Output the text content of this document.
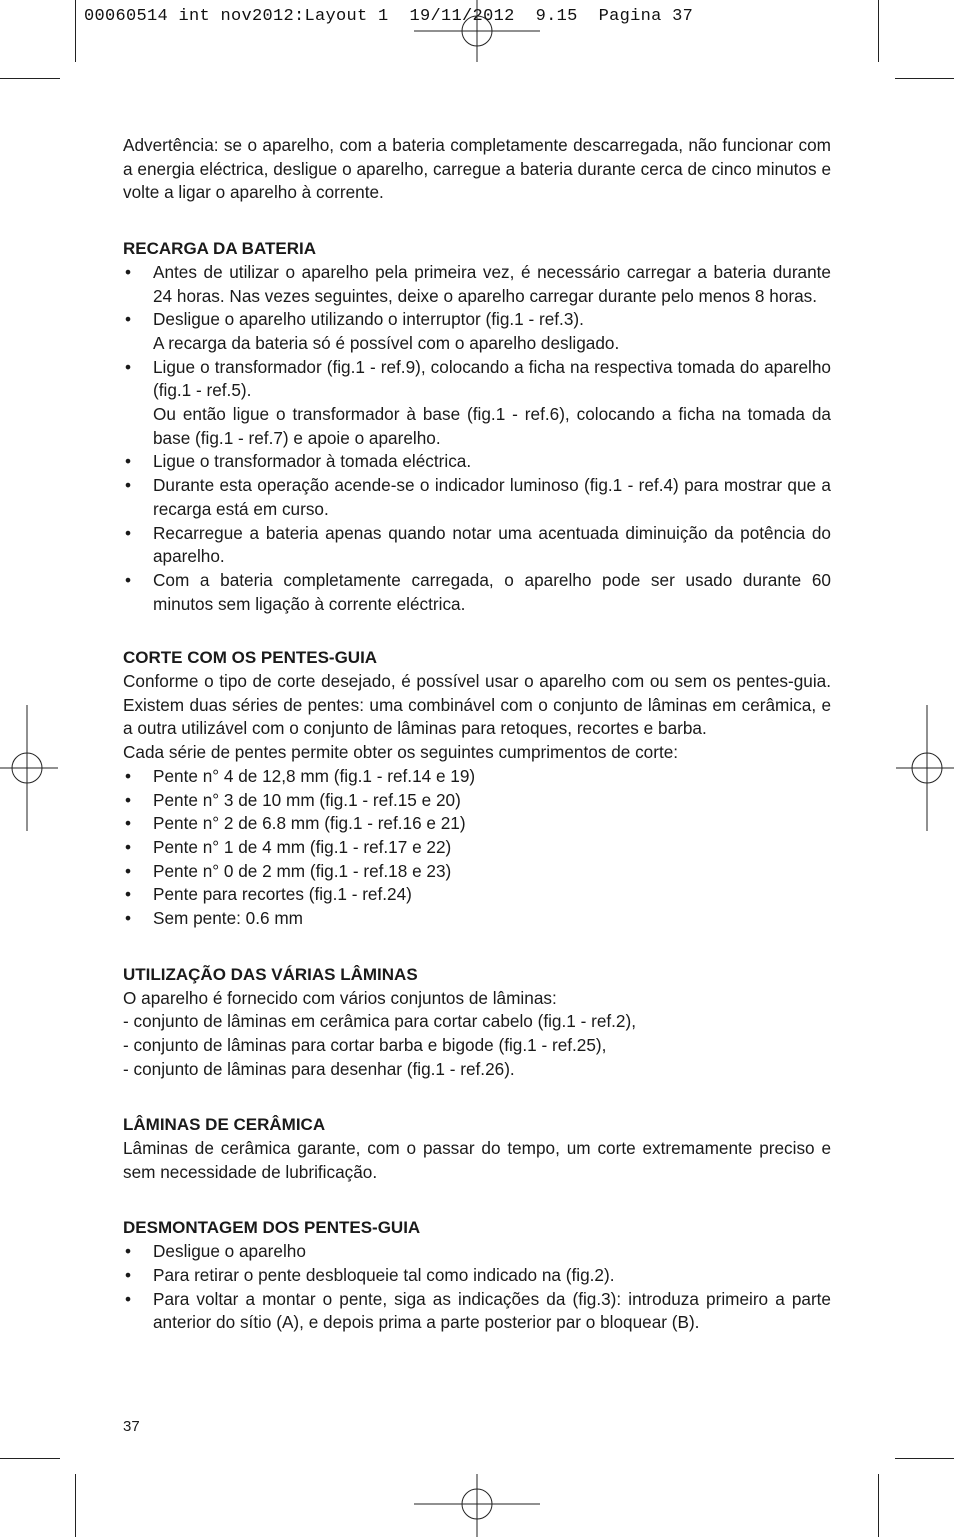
00060514 int nov2012:Layout 1  19/11/2012  9.15  Pagina 37

Advertência: se o aparelho, com a bateria completamente descarregada, não funcionar com a energia eléctrica, desligue o aparelho, carregue a bateria durante cerca de cinco minutos e volte a ligar o aparelho à corrente.

RECARGA DA BATERIA
• Antes de utilizar o aparelho pela primeira vez, é necessário carregar a bateria durante 24 horas. Nas vezes seguintes, deixe o aparelho carregar durante pelo menos 8 horas.
• Desligue o aparelho utilizando o interruptor (fig.1 - ref.3).
A recarga da bateria só é possível com o aparelho desligado.
• Ligue o transformador (fig.1 - ref.9), colocando a ficha na respectiva tomada do aparelho (fig.1 - ref.5).
Ou então ligue o transformador à base (fig.1 - ref.6), colocando a ficha na tomada da base (fig.1 - ref.7) e apoie o aparelho.
• Ligue o transformador à tomada eléctrica.
• Durante esta operação acende-se o indicador luminoso (fig.1 - ref.4) para mostrar que a recarga está em curso.
• Recarregue a bateria apenas quando notar uma acentuada diminuição da potência do aparelho.
• Com a bateria completamente carregada, o aparelho pode ser usado durante 60 minutos sem ligação à corrente eléctrica.
CORTE COM OS PENTES-GUIA

Conforme o tipo de corte desejado, é possível usar o aparelho com ou sem os pentes-guia. Existem duas séries de pentes: uma combinável com o conjunto de lâminas em cerâmica, e a outra utilizável com o conjunto de lâminas para retoques, recortes e barba.

Cada série de pentes permite obter os seguintes cumprimentos de corte:

• Pente n° 4 de 12,8 mm (fig.1 - ref.14 e 19)
• Pente n° 3 de 10 mm (fig.1 - ref.15 e 20)
• Pente n° 2 de 6.8 mm (fig.1 - ref.16 e 21)
• Pente n° 1 de 4 mm (fig.1 - ref.17 e 22)
• Pente n° 0 de 2 mm (fig.1 - ref.18 e 23)
• Pente para recortes (fig.1 - ref.24)
• Sem pente: 0.6 mm
UTILIZAÇÃO DAS VÁRIAS LÂMINAS

O aparelho é fornecido com vários conjuntos de lâminas:

- conjunto de lâminas em cerâmica para cortar cabelo (fig.1 - ref.2),
- conjunto de lâminas para cortar barba e bigode (fig.1 - ref.25),
- conjunto de lâminas para desenhar (fig.1 - ref.26).
LÂMINAS DE CERÂMICA

Lâminas de cerâmica garante, com o passar do tempo, um corte extremamente preciso e sem necessidade de lubrificação.

DESMONTAGEM DOS PENTES-GUIA
• Desligue o aparelho
• Para retirar o pente desbloqueie tal como indicado na (fig.2).
• Para voltar a montar o pente, siga as indicações da (fig.3): introduza primeiro a parte anterior do sítio (A), e depois prima a parte posterior par o bloquear (B).
37
